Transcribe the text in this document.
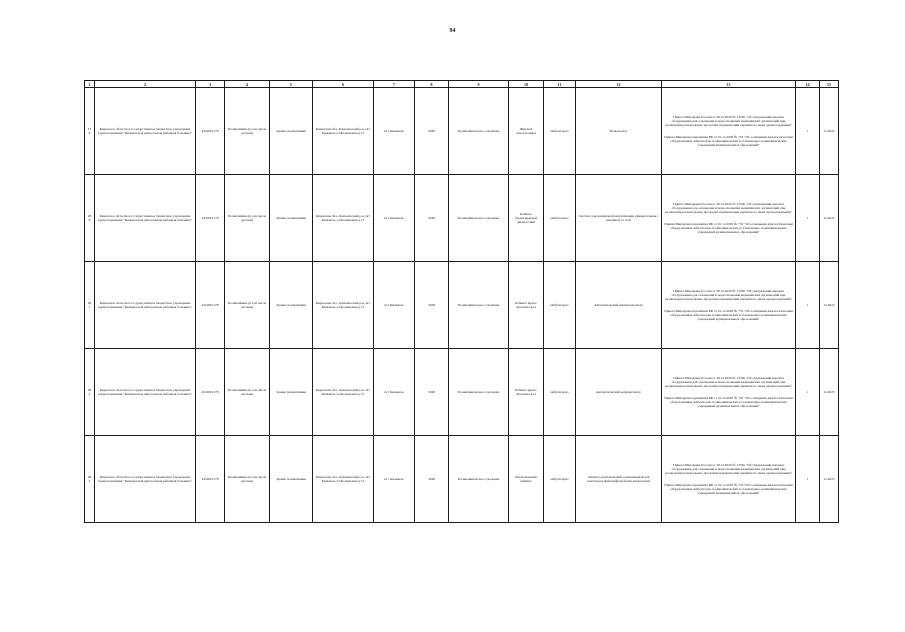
94
1	2	3	4	5	6	7	8	9	10	11	12	13	14	15
279	Кировское областное государственное бюджетное учреждение здравоохранения "Кильмезская центральная районная больница"	4310001178	Поликлиника (в том числе детская)	Здание поликлиники	Кировская обл., Кильмезский р-н, пгт Кильмезь ул.Больничная д.15	пгт Кильмезь	5048	Поликлиническое отделение	Женская консультация	амбулаторно	Кольпоскоп	Приказ Минздрава России от 28.12.2020 № 1379н "Об утверждении перечня оборудования для оснащения и переоснащения медицинских организаций при реализации региональных программ модернизации первичного звена здравоохранения"
Приказ Минздравсоцразвития РФ от 01.12.2005 № 753 "Об оснащении диагностическим оборудованием амбулаторно-поликлинических и стационарно-поликлинических учреждений муниципальных образований"	1	12.2024
280	Кировское областное государственное бюджетное учреждение здравоохранения "Кильмезская центральная районная больница"	4310001178	Поликлиника (в том числе детская)	Здание поликлиники	Кировская обл., Кильмезский р-н, пгт Кильмезь ул.Больничная д.15	пгт Кильмезь	5048	Поликлиническое отделение	Кабинет ультразвуковой диагностики	амбулаторно	Система ультразвуковой визуализации универсальная с питанием от сети	Приказ Минздрава России от 28.12.2020 № 1379н "Об утверждении перечня оборудования для оснащения и переоснащения медицинских организаций при реализации региональных программ модернизации первичного звена здравоохранения"
Приказ Минздравсоцразвития РФ от 01.12.2005 № 753 "Об оснащении диагностическим оборудованием амбулаторно-поликлинических и стационарно-поликлинических учреждений муниципальных образований"	1	12.2021
281	Кировское областное государственное бюджетное учреждение здравоохранения "Кильмезская центральная районная больница"	4310001178	Поликлиника (в том числе детская)	Здание поликлиники	Кировская обл., Кильмезский р-н, пгт Кильмезь ул.Больничная д.15	пгт Кильмезь	5048	Поликлиническое отделение	Кабинет врача-офтальмолога	амбулаторно	Автоматический пневмотонометр	Приказ Минздрава России от 28.12.2020 № 1379н "Об утверждении перечня оборудования для оснащения и переоснащения медицинских организаций при реализации региональных программ модернизации первичного звена здравоохранения"
Приказ Минздравсоцразвития РФ от 01.12.2005 № 753 "Об оснащении диагностическим оборудованием амбулаторно-поликлинических и стационарно-поликлинических учреждений муниципальных образований"	1	12.2023
282	Кировское областное государственное бюджетное учреждение здравоохранения "Кильмезская центральная районная больница"	4310001178	Поликлиника (в том числе детская)	Здание поликлиники	Кировская обл., Кильмезский р-н, пгт Кильмезь ул.Больничная д.15	пгт Кильмезь	5048	Поликлиническое отделение	Кабинет врача-офтальмолога	амбулаторно	Автоматический рефрактометр	Приказ Минздрава России от 28.12.2020 № 1379н "Об утверждении перечня оборудования для оснащения и переоснащения медицинских организаций при реализации региональных программ модернизации первичного звена здравоохранения"
Приказ Минздравсоцразвития РФ от 01.12.2005 № 753 "Об оснащении диагностическим оборудованием амбулаторно-поликлинических и стационарно-поликлинических учреждений муниципальных образований"	1	12.2023
283	Кировское областное государственное бюджетное учреждение здравоохранения "Кильмезская центральная районная больница"	4310001178	Поликлиника (в том числе детская)	Здание поликлиники	Кировская обл., Кильмезский р-н, пгт Кильмезь ул.Больничная д.15	пгт Кильмезь	5048	Поликлиническое отделение	Рентгеновский кабинет	амбулаторно	Аппарат рентгеновский стационарный для рентгенографии цифровой или аналоговый	Приказ Минздрава России от 28.12.2020 № 1379н "Об утверждении перечня оборудования для оснащения и переоснащения медицинских организаций при реализации региональных программ модернизации первичного звена здравоохранения"
Приказ Минздравсоцразвития РФ от 01.12.2005 № 753 "Об оснащении диагностическим оборудованием амбулаторно-поликлинических и стационарно-поликлинических учреждений муниципальных образований"	1	12.2023
